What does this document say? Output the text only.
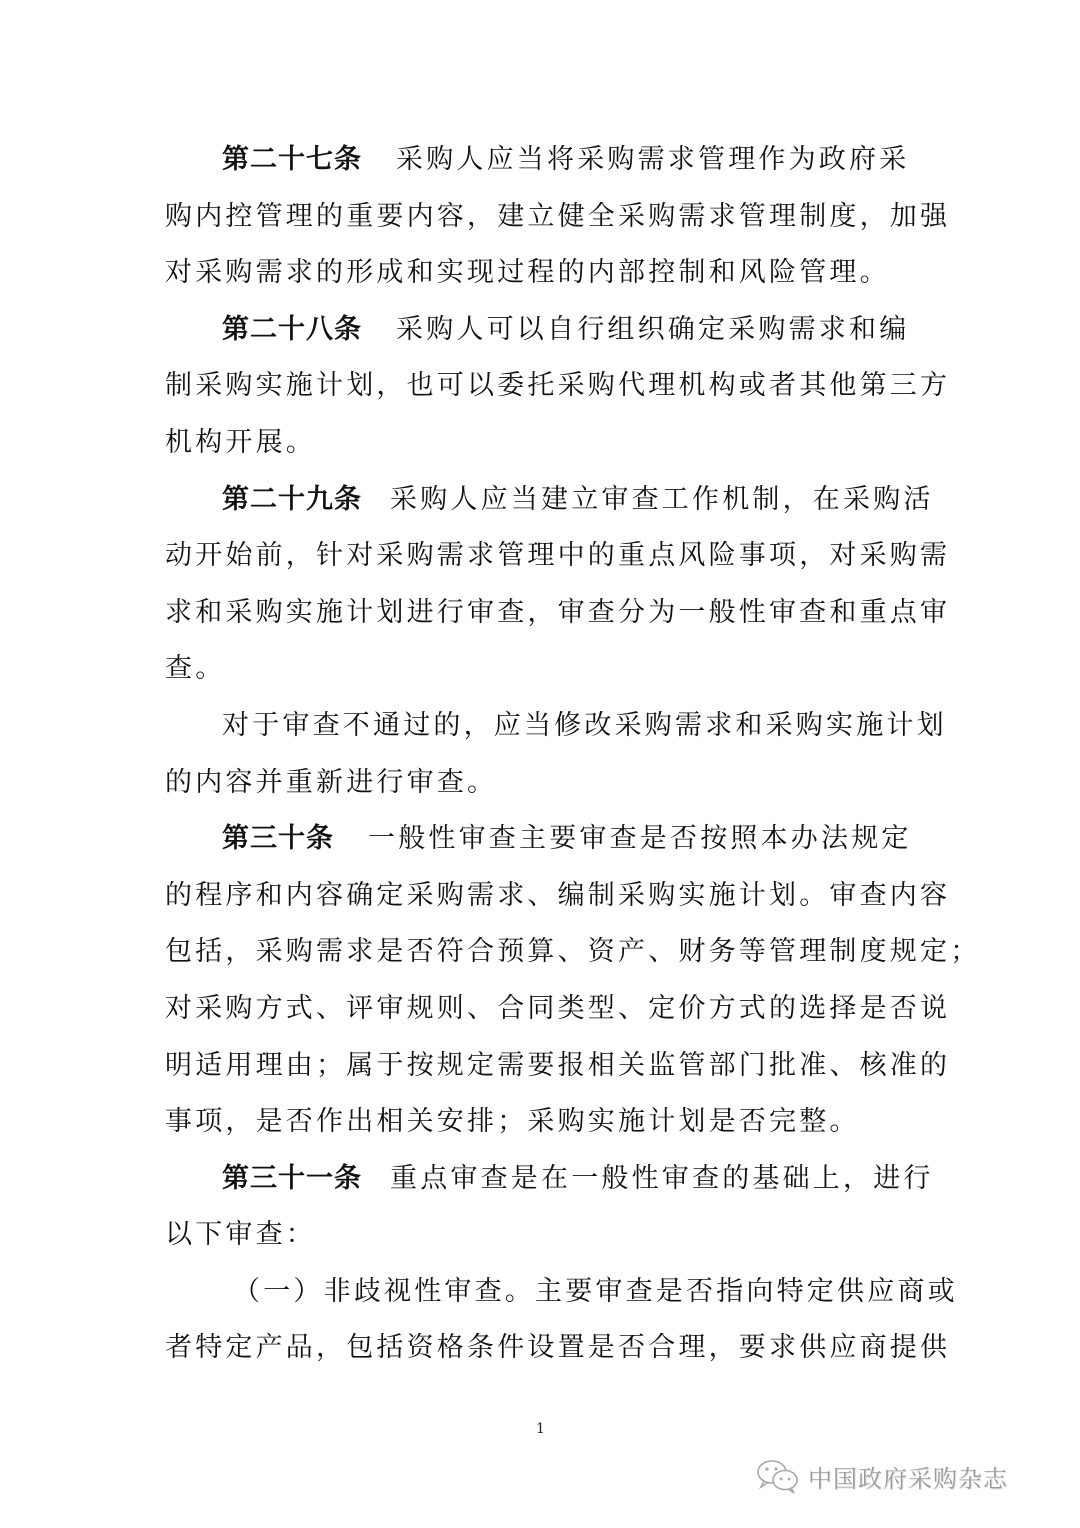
第二十七条 采购人应当将采购需求管理作为政府采
购内控管理的重要内容，建立健全采购需求管理制度，加强
对采购需求的形成和实现过程的内部控制和风险管理。
第二十八条 采购人可以自行组织确定采购需求和编
制采购实施计划，也可以委托采购代理机构或者其他第三方
机构开展。
第二十九条 采购人应当建立审查工作机制，在采购活
动开始前，针对采购需求管理中的重点风险事项，对采购需
求和采购实施计划进行审查，审查分为一般性审查和重点审
查。
对于审查不通过的，应当修改采购需求和采购实施计划
的内容并重新进行审查。
第三十条 一般性审查主要审查是否按照本办法规定
的程序和内容确定采购需求、编制采购实施计划。审查内容
包括，采购需求是否符合预算、资产、财务等管理制度规定；
对采购方式、评审规则、合同类型、定价方式的选择是否说
明适用理由；属于按规定需要报相关监管部门批准、核准的
事项，是否作出相关安排；采购实施计划是否完整。
第三十一条 重点审查是在一般性审查的基础上，进行
以下审查：
（一）非歧视性审查。主要审查是否指向特定供应商或
者特定产品，包括资格条件设置是否合理，要求供应商提供
1
中国政府采购杂志
